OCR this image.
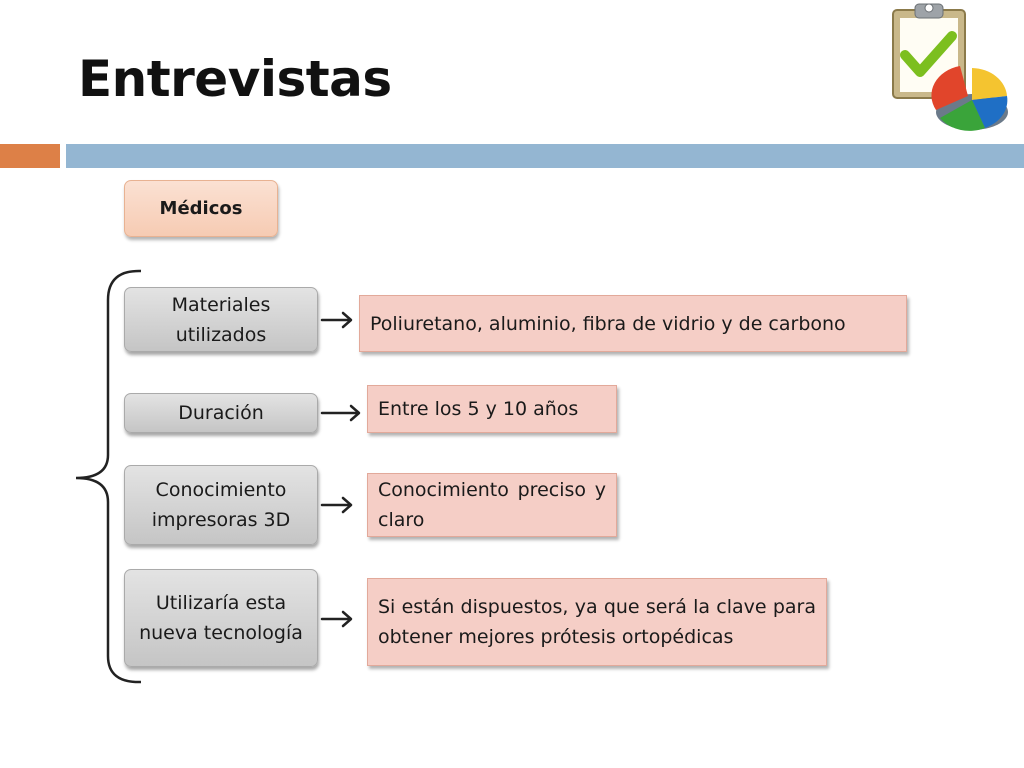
Entrevistas
Médicos
Materiales utilizados
Duración
Conocimiento impresoras 3D
Utilizaría esta nueva tecnología
Poliuretano, aluminio, fibra de vidrio y de carbono
Entre los 5 y 10 años
Conocimiento preciso y claro
Si están dispuestos, ya que será la clave para obtener mejores prótesis ortopédicas
